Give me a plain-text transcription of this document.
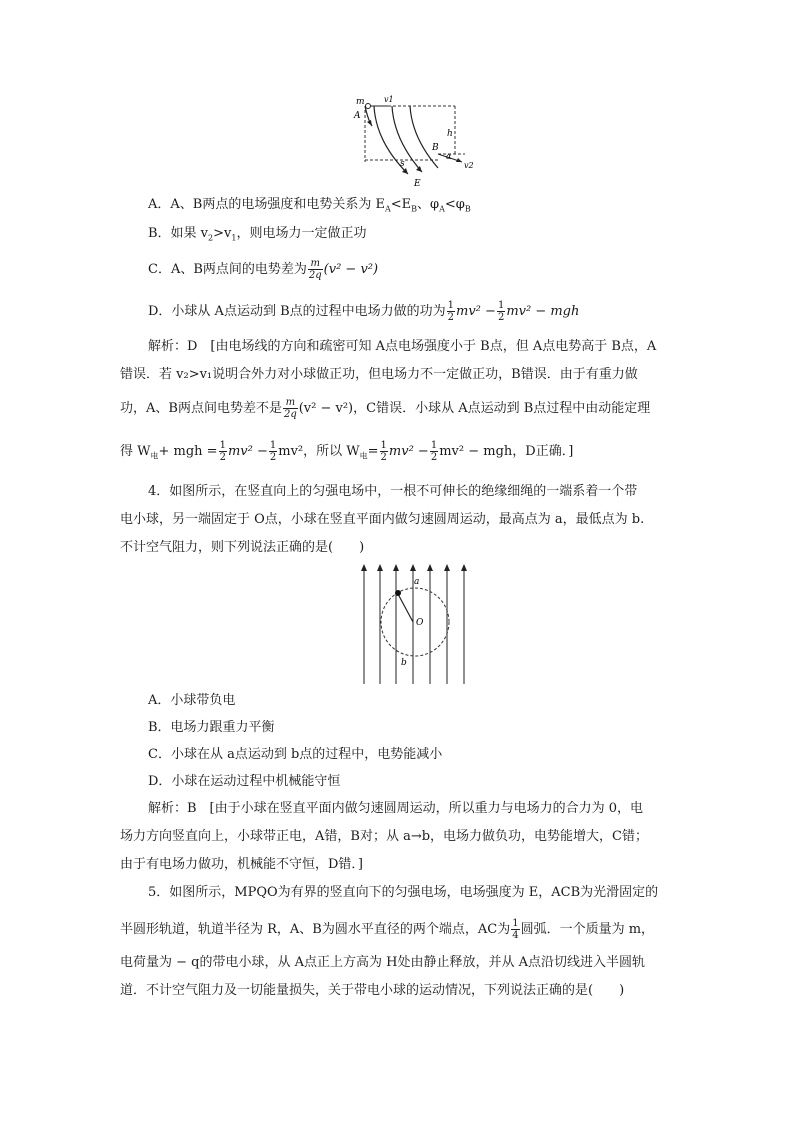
m v1
A
h
B
α
v2
s
E
A．A、B两点的电场强度和电势关系为 $E_A<E_B$、$\varphi_A<\varphi_B$
B．如果 $v_2>v_1$，则电场力一定做正功
C．A、B两点间的电势差为 $\frac{m}{2q} (v^2 - v^2)$
D．小球从 A点运动到 B点的过程中电场力做的功为 $\frac{1}{2} mv^2 - \frac{1}{2} mv^2$ − mgh
解析：D　[由电场线的方向和疏密可知 A点电场强度小于 B点，但 A点电势高于 B点，A
错误．若 v₂>v₁说明合外力对小球做正功，但电场力不一定做正功，B错误．由于有重力做
功，A、B两点间电势差不是 $\frac{m}{2q} (v^2 - v^2)$，C错误．小球从 A点运动到 B点过程中由动能定理
得 $W_电+$ mgh = $\frac{1}{2} mv^2 - \frac{1}{2} mv^2$，所以 $W_电= \frac{1}{2} mv^2 - \frac{1}{2} mv^2$ − mgh，D正确．]
4．如图所示，在竖直向上的匀强电场中，一根不可伸长的绝缘细绳的一端系着一个带
电小球，另一端固定于 O点，小球在竖直平面内做匀速圆周运动，最高点为 a，最低点为 b.
不计空气阻力，则下列说法正确的是(　　)
a
O
b
A．小球带负电
B．电场力跟重力平衡
C．小球在从 a点运动到 b点的过程中，电势能减小
D．小球在运动过程中机械能守恒
解析：B　[由于小球在竖直平面内做匀速圆周运动，所以重力与电场力的合力为 0，电
场力方向竖直向上，小球带正电，A错，B对；从 a→b，电场力做负功，电势能增大，C错；
由于有电场力做功，机械能不守恒，D错．]
5．如图所示，MPQO为有界的竖直向下的匀强电场，电场强度为 E，ACB为光滑固定的
半圆形轨道，轨道半径为 R，A、B为圆水平直径的两个端点，AC为 $\frac{1}{4}$ 圆弧．一个质量为 m，
电荷量为 − q的带电小球，从 A点正上方高为 H处由静止释放，并从 A点沿切线进入半圆轨
道．不计空气阻力及一切能量损失，关于带电小球的运动情况，下列说法正确的是(　　)
